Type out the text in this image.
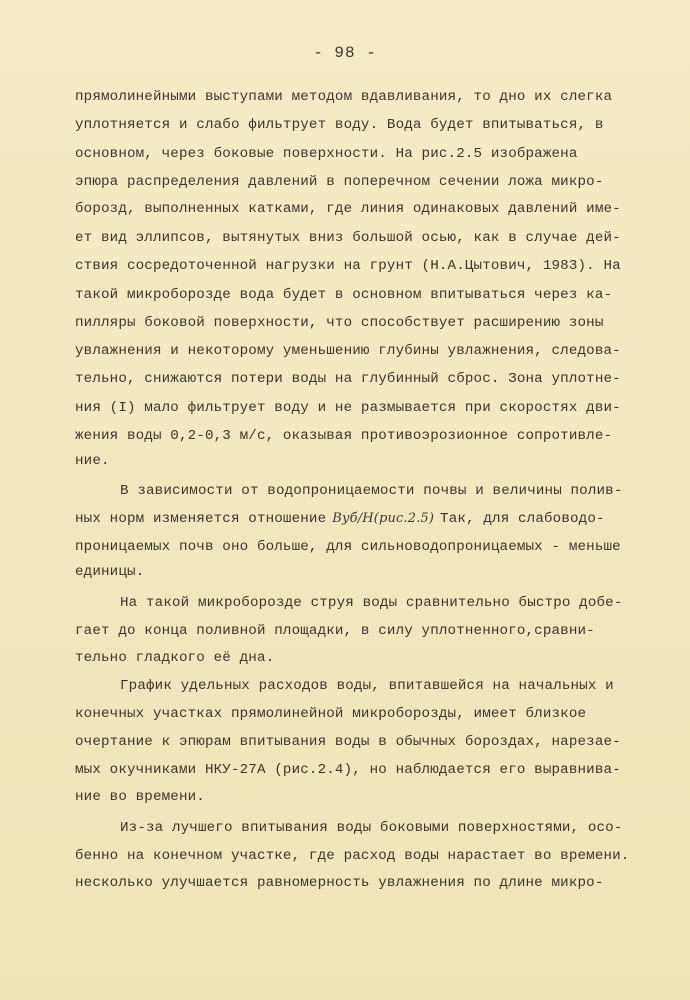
- 98 -
прямолинейными выступами методом вдавливания, то дно их слегка
уплотняется и слабо фильтрует воду. Вода будет впитываться, в
основном, через боковые поверхности. На рис.2.5 изображена
эпюра распределения давлений в поперечном сечении ложа микро-
борозд, выполненных катками, где линия одинаковых давлений име-
ет вид эллипсов, вытянутых вниз большой осью, как в случае дей-
ствия сосредоточенной нагрузки на грунт (Н.А.Цытович, 1983). На
такой микроборозде вода будет в основном впитываться через ка-
пилляры боковой поверхности, что способствует расширению зоны
увлажнения и некоторому уменьшению глубины увлажнения, следова-
тельно, снижаются потери воды на глубинный сброс. Зона уплотне-
ния (I) мало фильтрует воду и не размывается при скоростях дви-
жения воды 0,2-0,3 м/с, оказывая противоэрозионное сопротивле-
ние.
В зависимости от водопроницаемости почвы и величины полив-
ных норм изменяется отношение Bуб/H(рис.2.5) Так, для слабоводо-
проницаемых почв оно больше, для сильноводопроницаемых - меньше
единицы.
На такой микроборозде струя воды сравнительно быстро добе-
гает до конца поливной площадки, в силу уплотненного,сравни-
тельно гладкого её дна.
График удельных расходов воды, впитавшейся на начальных и
конечных участках прямолинейной микроборозды, имеет близкое
очертание к эпюрам впитывания воды в обычных бороздах, нарезае-
мых окучниками НКУ-27А (рис.2.4), но наблюдается его выравнива-
ние во времени.
Из-за лучшего впитывания воды боковыми поверхностями, осо-
бенно на конечном участке, где расход воды нарастает во времени.
несколько улучшается равномерность увлажнения по длине микро-
